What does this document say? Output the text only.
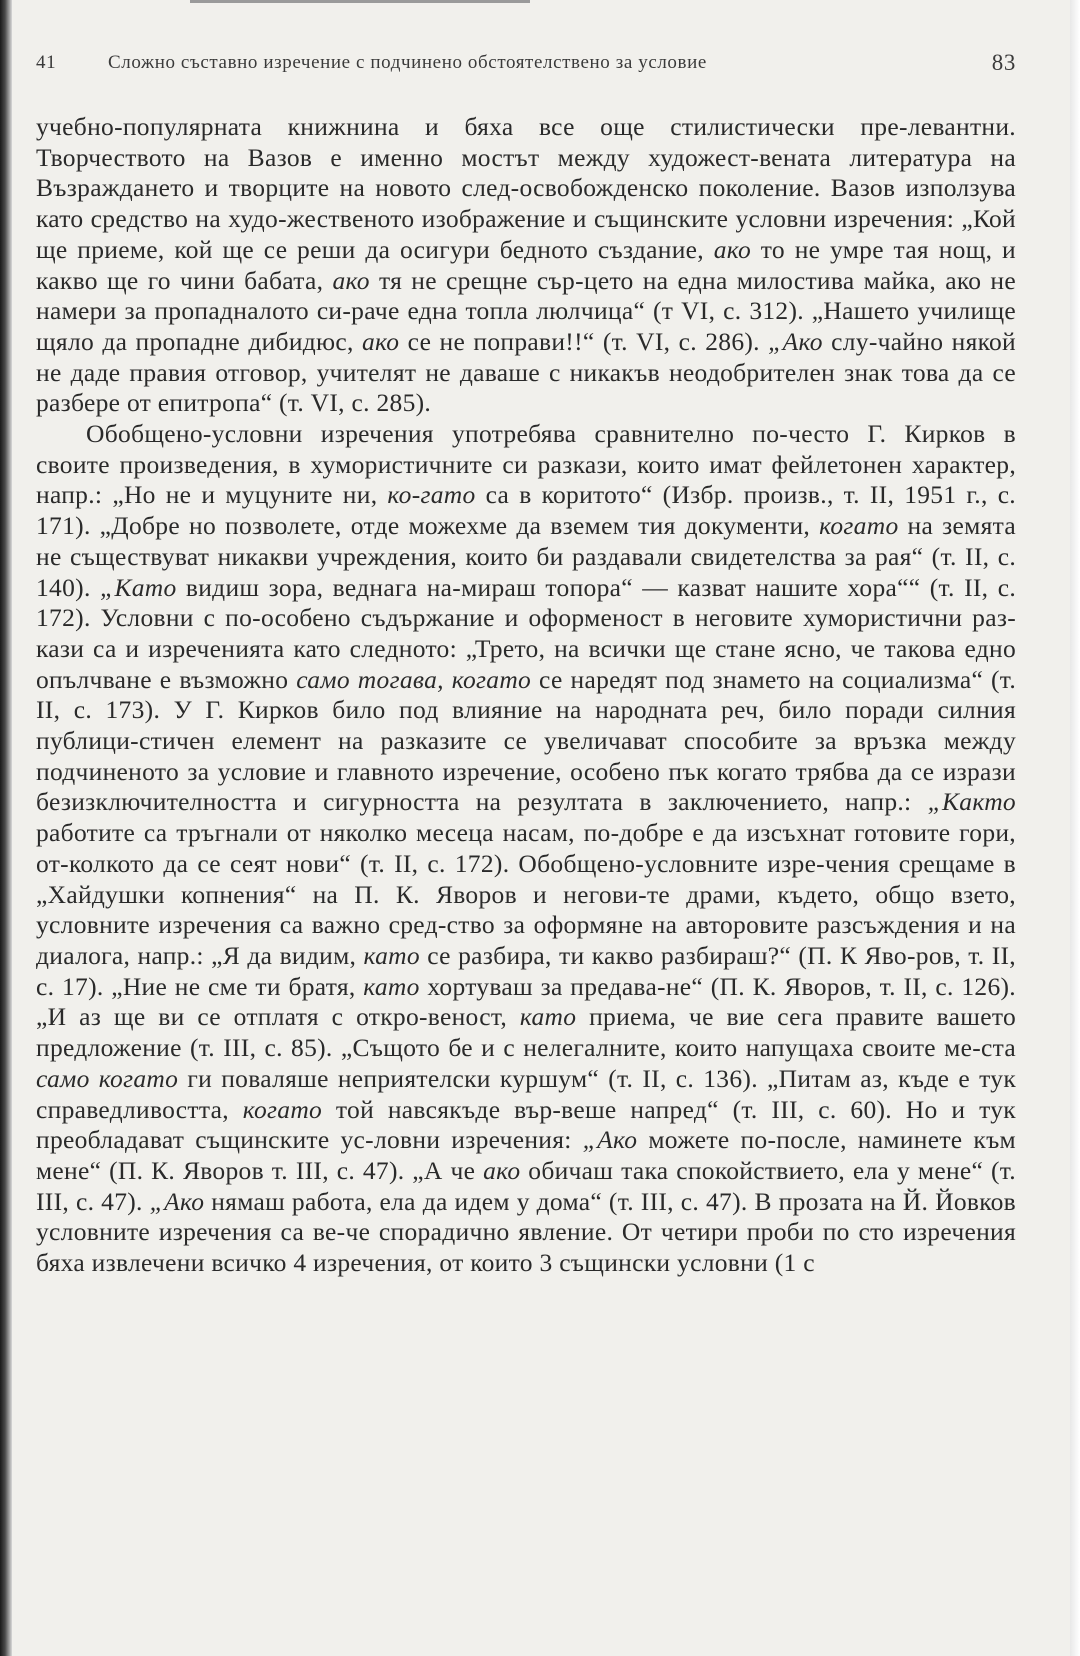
41	Сложно съставно изречение с подчинено обстоятелствено за условие	83

учебно-популярната книжнина и бяха все още стилистически пре-левантни. Творчеството на Вазов е именно мостът между художест-вената литература на Възраждането и творците на новото след-освобожденско поколение. Вазов използува като средство на худо-жественото изображение и същинските условни изречения: „Кой ще приеме, кой ще се реши да осигури бедното създание, ако то не умре тая нощ, и какво ще го чини бабата, ако тя не срещне сър-цето на една милостива майка, ако не намери за пропадналото си-раче една топла люлчица“ (т VI, с. 312). „Нашето училище щяло да пропадне дибидюс, ако се не поправи!!“ (т. VI, с. 286). „Ако слу-чайно някой не даде правия отговор, учителят не даваше с никакъв неодобрителен знак това да се разбере от епитропа“ (т. VI, с. 285).

Обобщено-условни изречения употребява сравнително по-често Г. Кирков в своите произведения, в хумористичните си разкази, които имат фейлетонен характер, напр.: „Но не и муцуните ни, ко-гато са в коритото“ (Избр. произв., т. II, 1951 г., с. 171). „Добре но позволете, отде можехме да вземем тия документи, когато на земята не съществуват никакви учреждения, които би раздавали свидетелства за рая“ (т. II, с. 140). „Като видиш зора, веднага на-мираш топора“ — казват нашите хора““ (т. II, с. 172). Условни с по-особено съдържание и оформеност в неговите хумористични раз-кази са и изреченията като следното: „Трето, на всички ще стане ясно, че такова едно опълчване е възможно само тогава, когато се наредят под знамето на социализма“ (т. II, с. 173). У Г. Кирков било под влияние на народната реч, било поради силния публици-стичен елемент на разказите се увеличават способите за връзка между подчиненото за условие и главното изречение, особено пък когато трябва да се изрази безизключителността и сигурността на резултата в заключението, напр.: „Както работите са тръгнали от няколко месеца насам, по-добре е да изсъхнат готовите гори, от-колкото да се сеят нови“ (т. II, с. 172). Обобщено-условните изре-чения срещаме в „Хайдушки копнения“ на П. К. Яворов и негови-те драми, където, общо взето, условните изречения са важно сред-ство за оформяне на авторовите разсъждения и на диалога, напр.: „Я да видим, като се разбира, ти какво разбираш?“ (П. К Яво-ров, т. II, с. 17). „Ние не сме ти братя, като хортуваш за предава-не“ (П. К. Яворов, т. II, с. 126). „И аз ще ви се отплатя с откро-веност, като приема, че вие сега правите вашето предложение (т. III, с. 85). „Същото бе и с нелегалните, които напущаха своите ме-ста само когато ги поваляше неприятелски куршум“ (т. II, с. 136). „Питам аз, къде е тук справедливостта, когато той навсякъде вър-веше напред“ (т. III, с. 60). Но и тук преобладават същинските ус-ловни изречения: „Ако можете по-после, наминете към мене“ (П. К. Яворов т. III, с. 47). „А че ако обичаш така спокойствието, ела у мене“ (т. III, с. 47). „Ако нямаш работа, ела да идем у дома“ (т. III, с. 47). В прозата на Й. Йовков условните изречения са ве-че спорадично явление. От четири проби по сто изречения бяха извлечени всичко 4 изречения, от които 3 същински условни (1 с
